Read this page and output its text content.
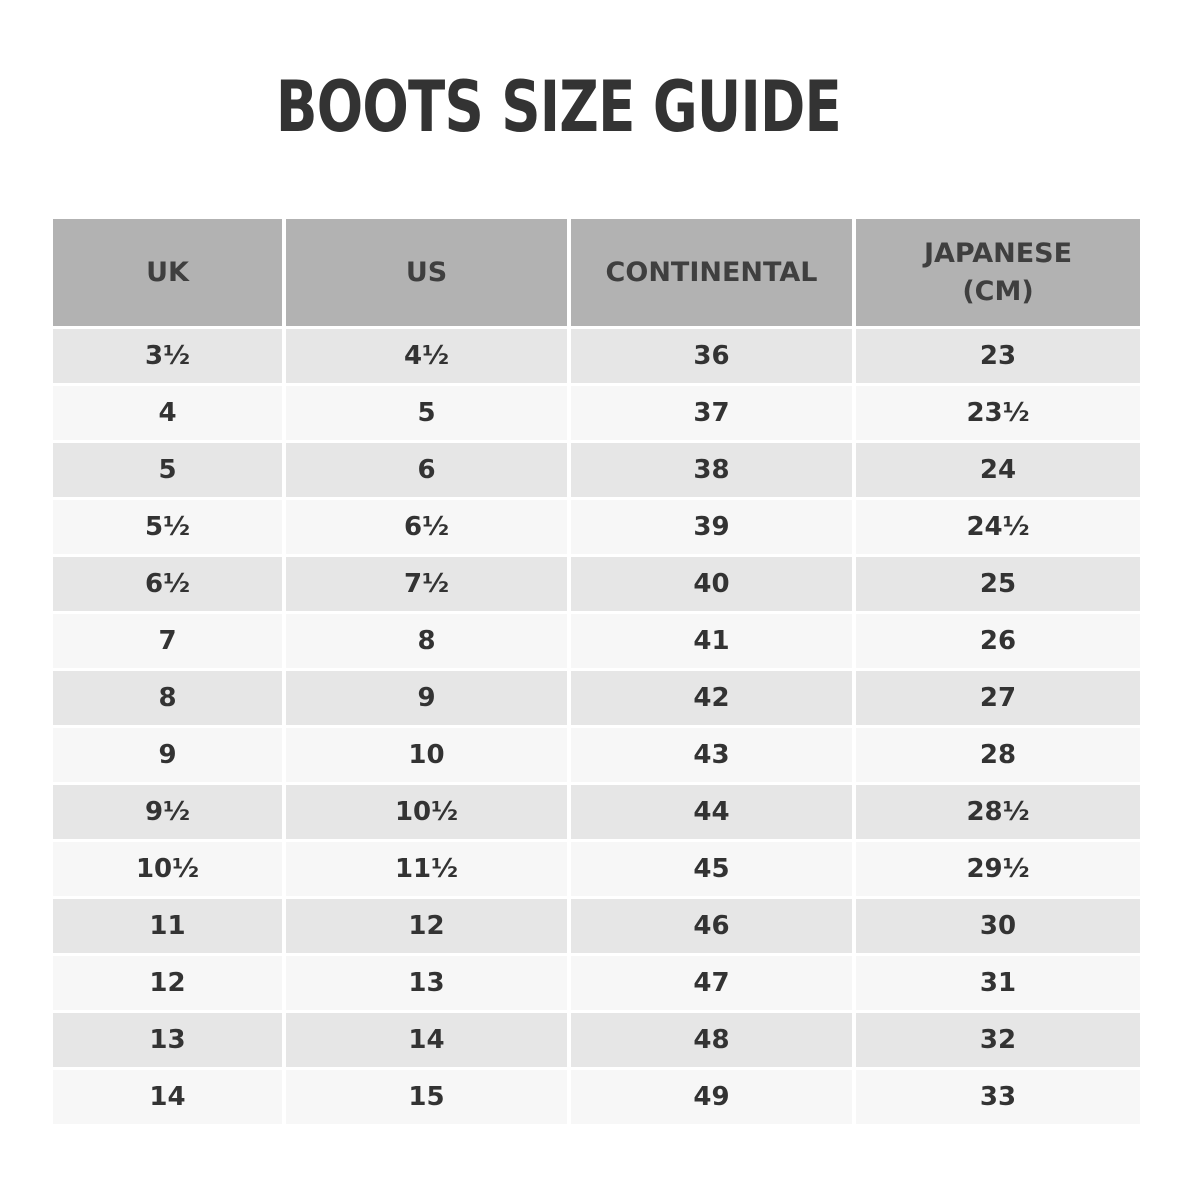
BOOTS SIZE GUIDE
UK	US	CONTINENTAL	JAPANESE
(CM)
3½	4½	36	23
4	5	37	23½
5	6	38	24
5½	6½	39	24½
6½	7½	40	25
7	8	41	26
8	9	42	27
9	10	43	28
9½	10½	44	28½
10½	11½	45	29½
11	12	46	30
12	13	47	31
13	14	48	32
14	15	49	33
